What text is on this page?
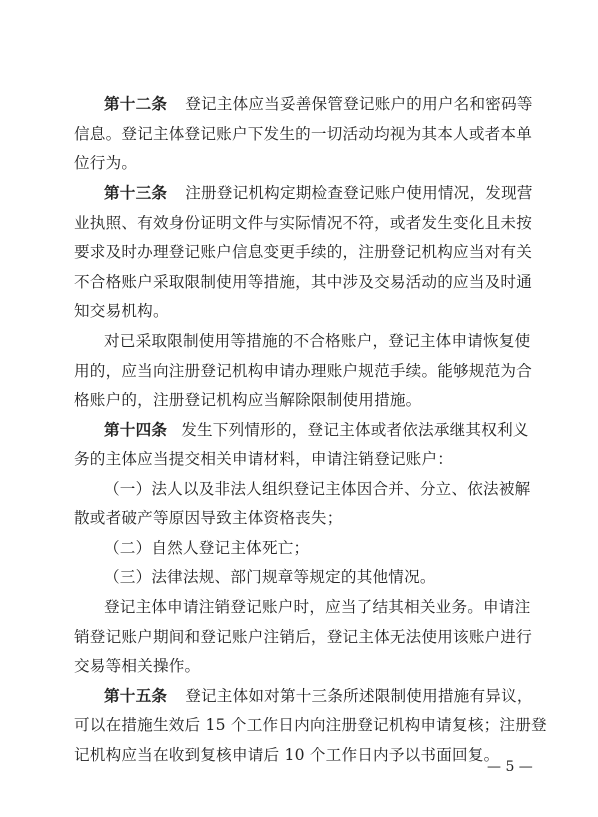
第十二条 登记主体应当妥善保管登记账户的用户名和密码等
信息。登记主体登记账户下发生的一切活动均视为其本人或者本单
位行为。
第十三条 注册登记机构定期检查登记账户使用情况，发现营
业执照、有效身份证明文件与实际情况不符，或者发生变化且未按
要求及时办理登记账户信息变更手续的，注册登记机构应当对有关
不合格账户采取限制使用等措施，其中涉及交易活动的应当及时通
知交易机构。
对已采取限制使用等措施的不合格账户，登记主体申请恢复使
用的，应当向注册登记机构申请办理账户规范手续。能够规范为合
格账户的，注册登记机构应当解除限制使用措施。
第十四条 发生下列情形的，登记主体或者依法承继其权利义
务的主体应当提交相关申请材料，申请注销登记账户：
（一）法人以及非法人组织登记主体因合并、分立、依法被解
散或者破产等原因导致主体资格丧失；
（二）自然人登记主体死亡；
（三）法律法规、部门规章等规定的其他情况。
登记主体申请注销登记账户时，应当了结其相关业务。申请注
销登记账户期间和登记账户注销后，登记主体无法使用该账户进行
交易等相关操作。
第十五条 登记主体如对第十三条所述限制使用措施有异议，
可以在措施生效后 15 个工作日内向注册登记机构申请复核；注册登
记机构应当在收到复核申请后 10 个工作日内予以书面回复。
— 5 —
